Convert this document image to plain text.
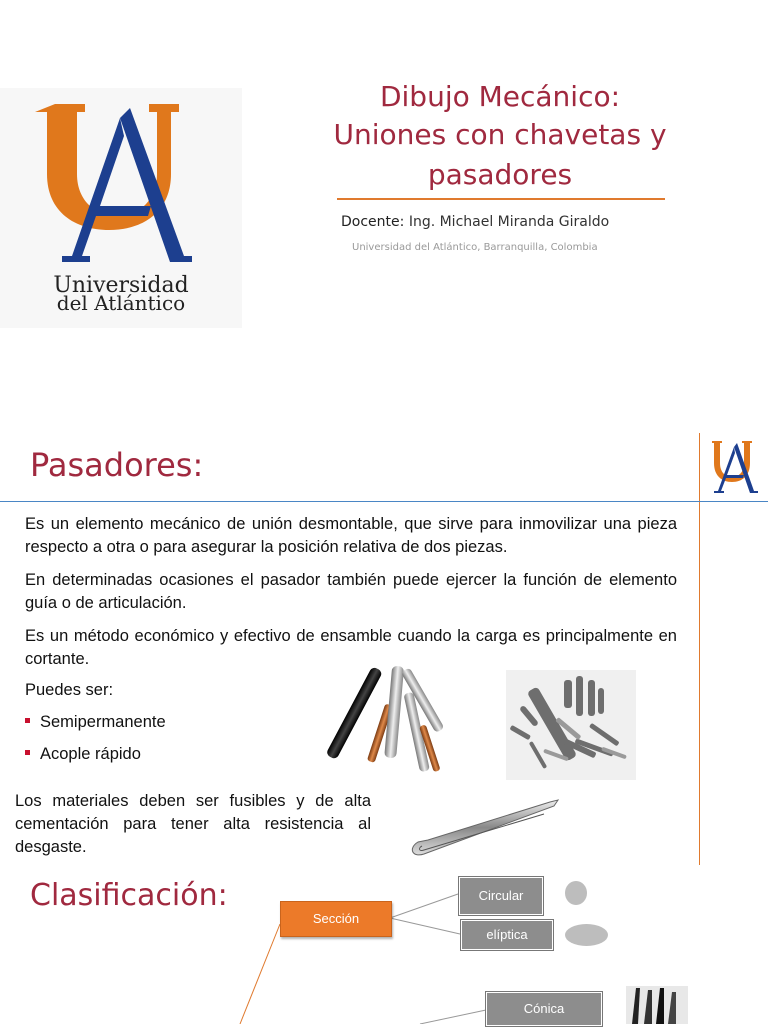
Universidad
del Atlántico
Dibujo Mecánico:
Uniones con chavetas y
pasadores
Docente: Ing. Michael Miranda Giraldo
Universidad del Atlántico, Barranquilla, Colombia
Pasadores:
Es un elemento mecánico de unión desmontable, que sirve para inmovilizar una pieza respecto a otra o para asegurar la posición relativa de dos piezas.
En determinadas ocasiones el pasador también puede ejercer la función de elemento guía o de articulación.
Es un método económico y efectivo de ensamble cuando la carga es principalmente en cortante.
Puedes ser:
Semipermanente
Acople rápido
Los materiales deben ser fusibles y de alta cementación para tener alta resistencia al desgaste.
Clasificación:
Sección
Circular
elíptica
Cónica
